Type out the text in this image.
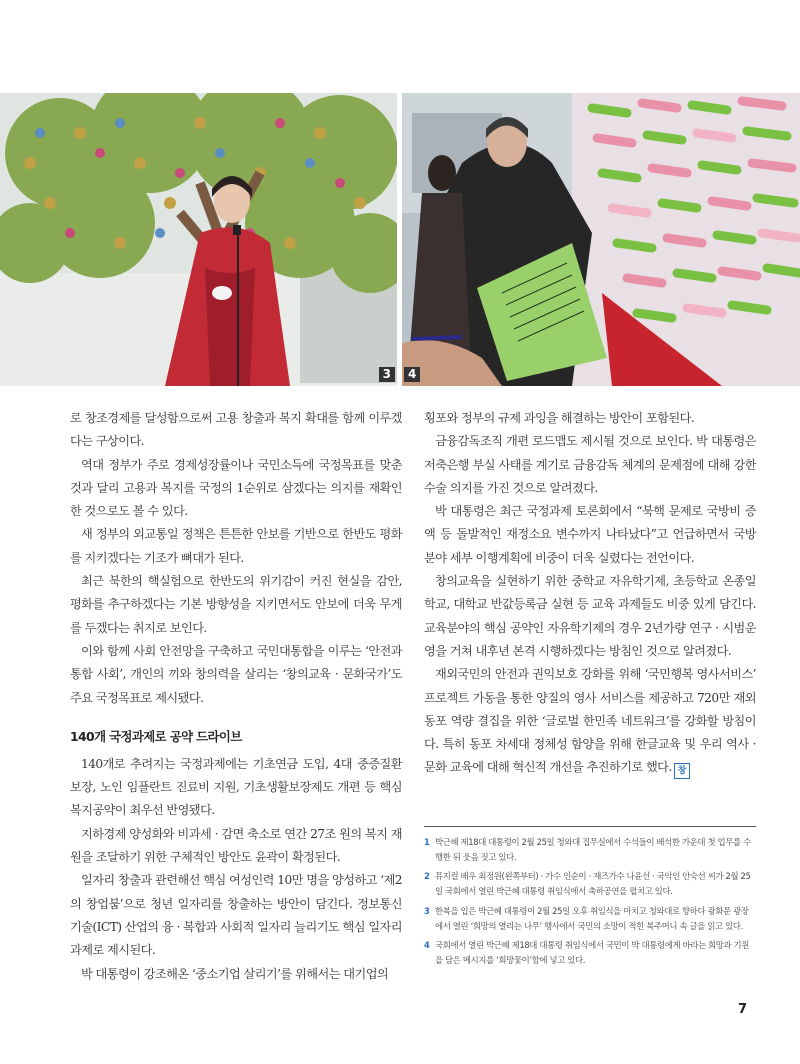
3	4

로 창조경제를 달성함으로써 고용 창출과 복지 확대를 함께 이루겠다는 구상이다.

역대 정부가 주로 경제성장률이나 국민소득에 국정목표를 맞춘 것과 달리 고용과 복지를 국정의 1순위로 삼겠다는 의지를 재확인한 것으로도 볼 수 있다.

새 정부의 외교통일 정책은 튼튼한 안보를 기반으로 한반도 평화를 지키겠다는 기조가 뼈대가 된다.

최근 북한의 핵실험으로 한반도의 위기감이 커진 현실을 감안, 평화를 추구하겠다는 기본 방향성을 지키면서도 안보에 더욱 무게를 두겠다는 취지로 보인다.

이와 함께 사회 안전망을 구축하고 국민대통합을 이루는 ‘안전과 통합 사회’, 개인의 끼와 창의력을 살리는 ‘창의교육 · 문화국가’도 주요 국정목표로 제시됐다.

140개 국정과제로 공약 드라이브

140개로 추려지는 국정과제에는 기초연금 도입, 4대 중증질환 보장, 노인 임플란트 진료비 지원, 기초생활보장제도 개편 등 핵심 복지공약이 최우선 반영됐다.

지하경제 양성화와 비과세 · 감면 축소로 연간 27조 원의 복지 재원을 조달하기 위한 구체적인 방안도 윤곽이 확정된다.

일자리 창출과 관련해선 핵심 여성인력 10만 명을 양성하고 ‘제2의 창업붐’으로 청년 일자리를 창출하는 방안이 담긴다. 정보통신기술(ICT) 산업의 융 · 복합과 사회적 일자리 늘리기도 핵심 일자리 과제로 제시된다.

박 대통령이 강조해온 ‘중소기업 살리기’를 위해서는 대기업의

횡포와 정부의 규제 과잉을 해결하는 방안이 포함된다.

금융감독조직 개편 로드맵도 제시될 것으로 보인다. 박 대통령은 저축은행 부실 사태를 계기로 금융감독 체계의 문제점에 대해 강한 수술 의지를 가진 것으로 알려졌다.

박 대통령은 최근 국정과제 토론회에서 “북핵 문제로 국방비 증액 등 돌발적인 재정소요 변수까지 나타났다”고 언급하면서 국방 분야 세부 이행계획에 비중이 더욱 실렸다는 전언이다.

창의교육을 실현하기 위한 중학교 자유학기제, 초등학교 온종일학교, 대학교 반값등록금 실현 등 교육 과제들도 비중 있게 담긴다. 교육분야의 핵심 공약인 자유학기제의 경우 2년가량 연구 · 시범운영을 거쳐 내후년 본격 시행하겠다는 방침인 것으로 알려졌다.

재외국민의 안전과 권익보호 강화를 위해 ‘국민행복 영사서비스’ 프로젝트 가동을 통한 양질의 영사 서비스를 제공하고 720만 재외동포 역량 결집을 위한 ‘글로벌 한민족 네트워크’를 강화할 방침이다. 특히 동포 차세대 정체성 함양을 위해 한글교육 및 우리 역사 · 문화 교육에 대해 혁신적 개선을 추진하기로 했다. 창

1 박근혜 제18대 대통령이 2월 25일 청와대 집무실에서 수석들이 배석한 가운데 첫 업무를 수행한 뒤 웃음 짓고 있다.
2 뮤지컬 배우 최정원(왼쪽부터) · 가수 인순이 · 재즈가수 나윤선 · 국악인 안숙선 씨가 2월 25일 국회에서 열린 박근혜 대통령 취임식에서 축하공연을 펼치고 있다.
3 한복을 입은 박근혜 대통령이 2월 25일 오후 취임식을 마치고 청와대로 향하다 광화문 광장에서 열린 ‘희망의 열리는 나무’ 행사에서 국민의 소망이 적힌 복주머니 속 글을 읽고 있다.
4 국회에서 열린 박근혜 제18대 대통령 취임식에서 국민이 박 대통령에게 바라는 희망과 기원을 담은 메시지를 ‘희망꽃이’함에 넣고 있다.
7
